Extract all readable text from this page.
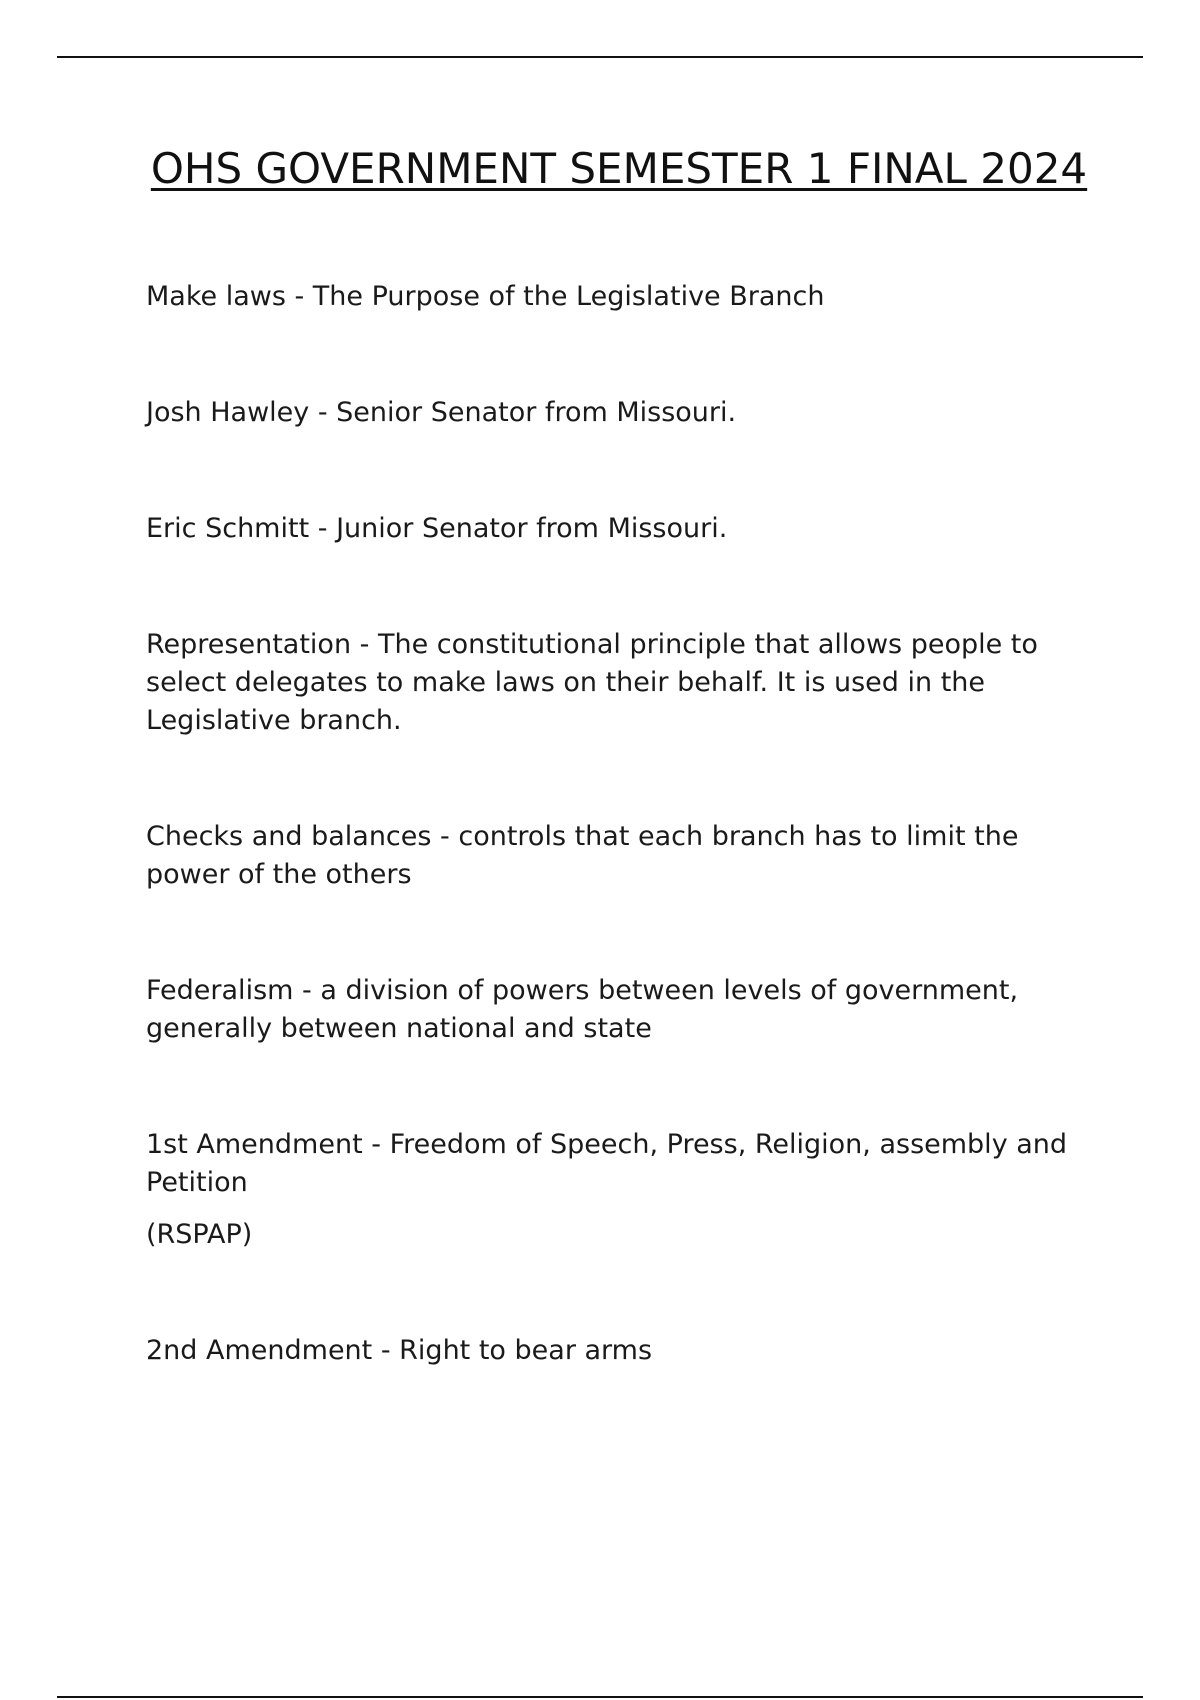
OHS GOVERNMENT SEMESTER 1 FINAL 2024

Make laws - The Purpose of the Legislative Branch

Josh Hawley - Senior Senator from Missouri.

Eric Schmitt - Junior Senator from Missouri.

Representation - The constitutional principle that allows people to select delegates to make laws on their behalf. It is used in the Legislative branch.

Checks and balances - controls that each branch has to limit the power of the others

Federalism - a division of powers between levels of government, generally between national and state

1st Amendment - Freedom of Speech, Press, Religion, assembly and Petition

(RSPAP)

2nd Amendment - Right to bear arms
